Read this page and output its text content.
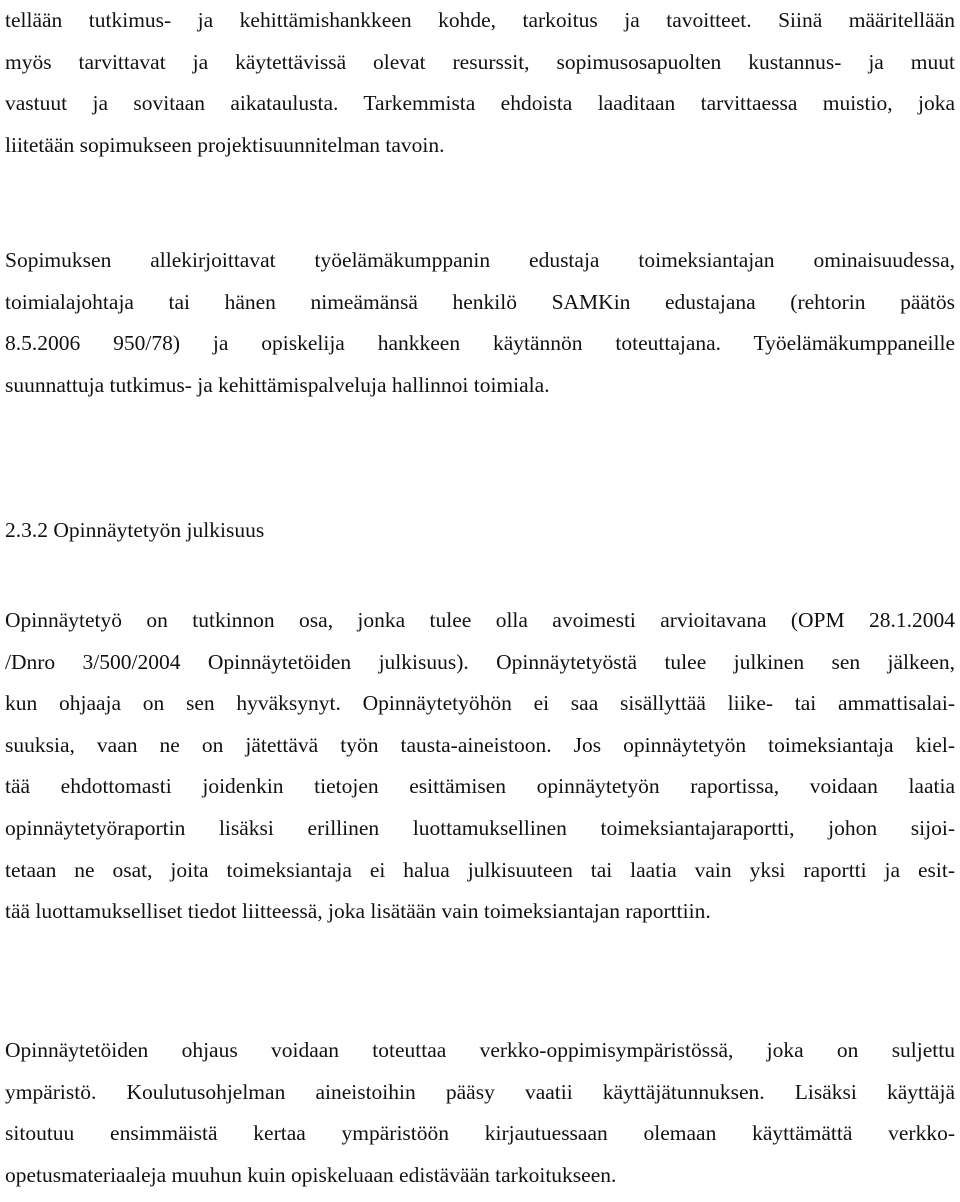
tellään tutkimus- ja kehittämishankkeen kohde, tarkoitus ja tavoitteet. Siinä määritellään
myös tarvittavat ja käytettävissä olevat resurssit, sopimusosapuolten kustannus- ja muut
vastuut ja sovitaan aikataulusta. Tarkemmista ehdoista laaditaan tarvittaessa muistio, joka
liitetään sopimukseen projektisuunnitelman tavoin.

Sopimuksen allekirjoittavat työelämäkumppanin edustaja toimeksiantajan ominaisuudessa,
toimialajohtaja tai hänen nimeämänsä henkilö SAMKin edustajana (rehtorin päätös
8.5.2006 950/78) ja opiskelija hankkeen käytännön toteuttajana. Työelämäkumppaneille
suunnattuja tutkimus- ja kehittämispalveluja hallinnoi toimiala.

2.3.2 Opinnäytetyön julkisuus

Opinnäytetyö on tutkinnon osa, jonka tulee olla avoimesti arvioitavana (OPM 28.1.2004
/Dnro 3/500/2004 Opinnäytetöiden julkisuus). Opinnäytetyöstä tulee julkinen sen jälkeen,
kun ohjaaja on sen hyväksynyt. Opinnäytetyöhön ei saa sisällyttää liike- tai ammattisalai-
suuksia, vaan ne on jätettävä työn tausta-aineistoon. Jos opinnäytetyön toimeksiantaja kiel-
tää ehdottomasti joidenkin tietojen esittämisen opinnäytetyön raportissa, voidaan laatia
opinnäytetyöraportin lisäksi erillinen luottamuksellinen toimeksiantajaraportti, johon sijoi-
tetaan ne osat, joita toimeksiantaja ei halua julkisuuteen tai laatia vain yksi raportti ja esit-
tää luottamukselliset tiedot liitteessä, joka lisätään vain toimeksiantajan raporttiin.

Opinnäytetöiden ohjaus voidaan toteuttaa verkko-oppimisympäristössä, joka on suljettu
ympäristö. Koulutusohjelman aineistoihin pääsy vaatii käyttäjätunnuksen. Lisäksi käyttäjä
sitoutuu ensimmäistä kertaa ympäristöön kirjautuessaan olemaan käyttämättä verkko-
opetusmateriaaleja muuhun kuin opiskeluaan edistävään tarkoitukseen.
